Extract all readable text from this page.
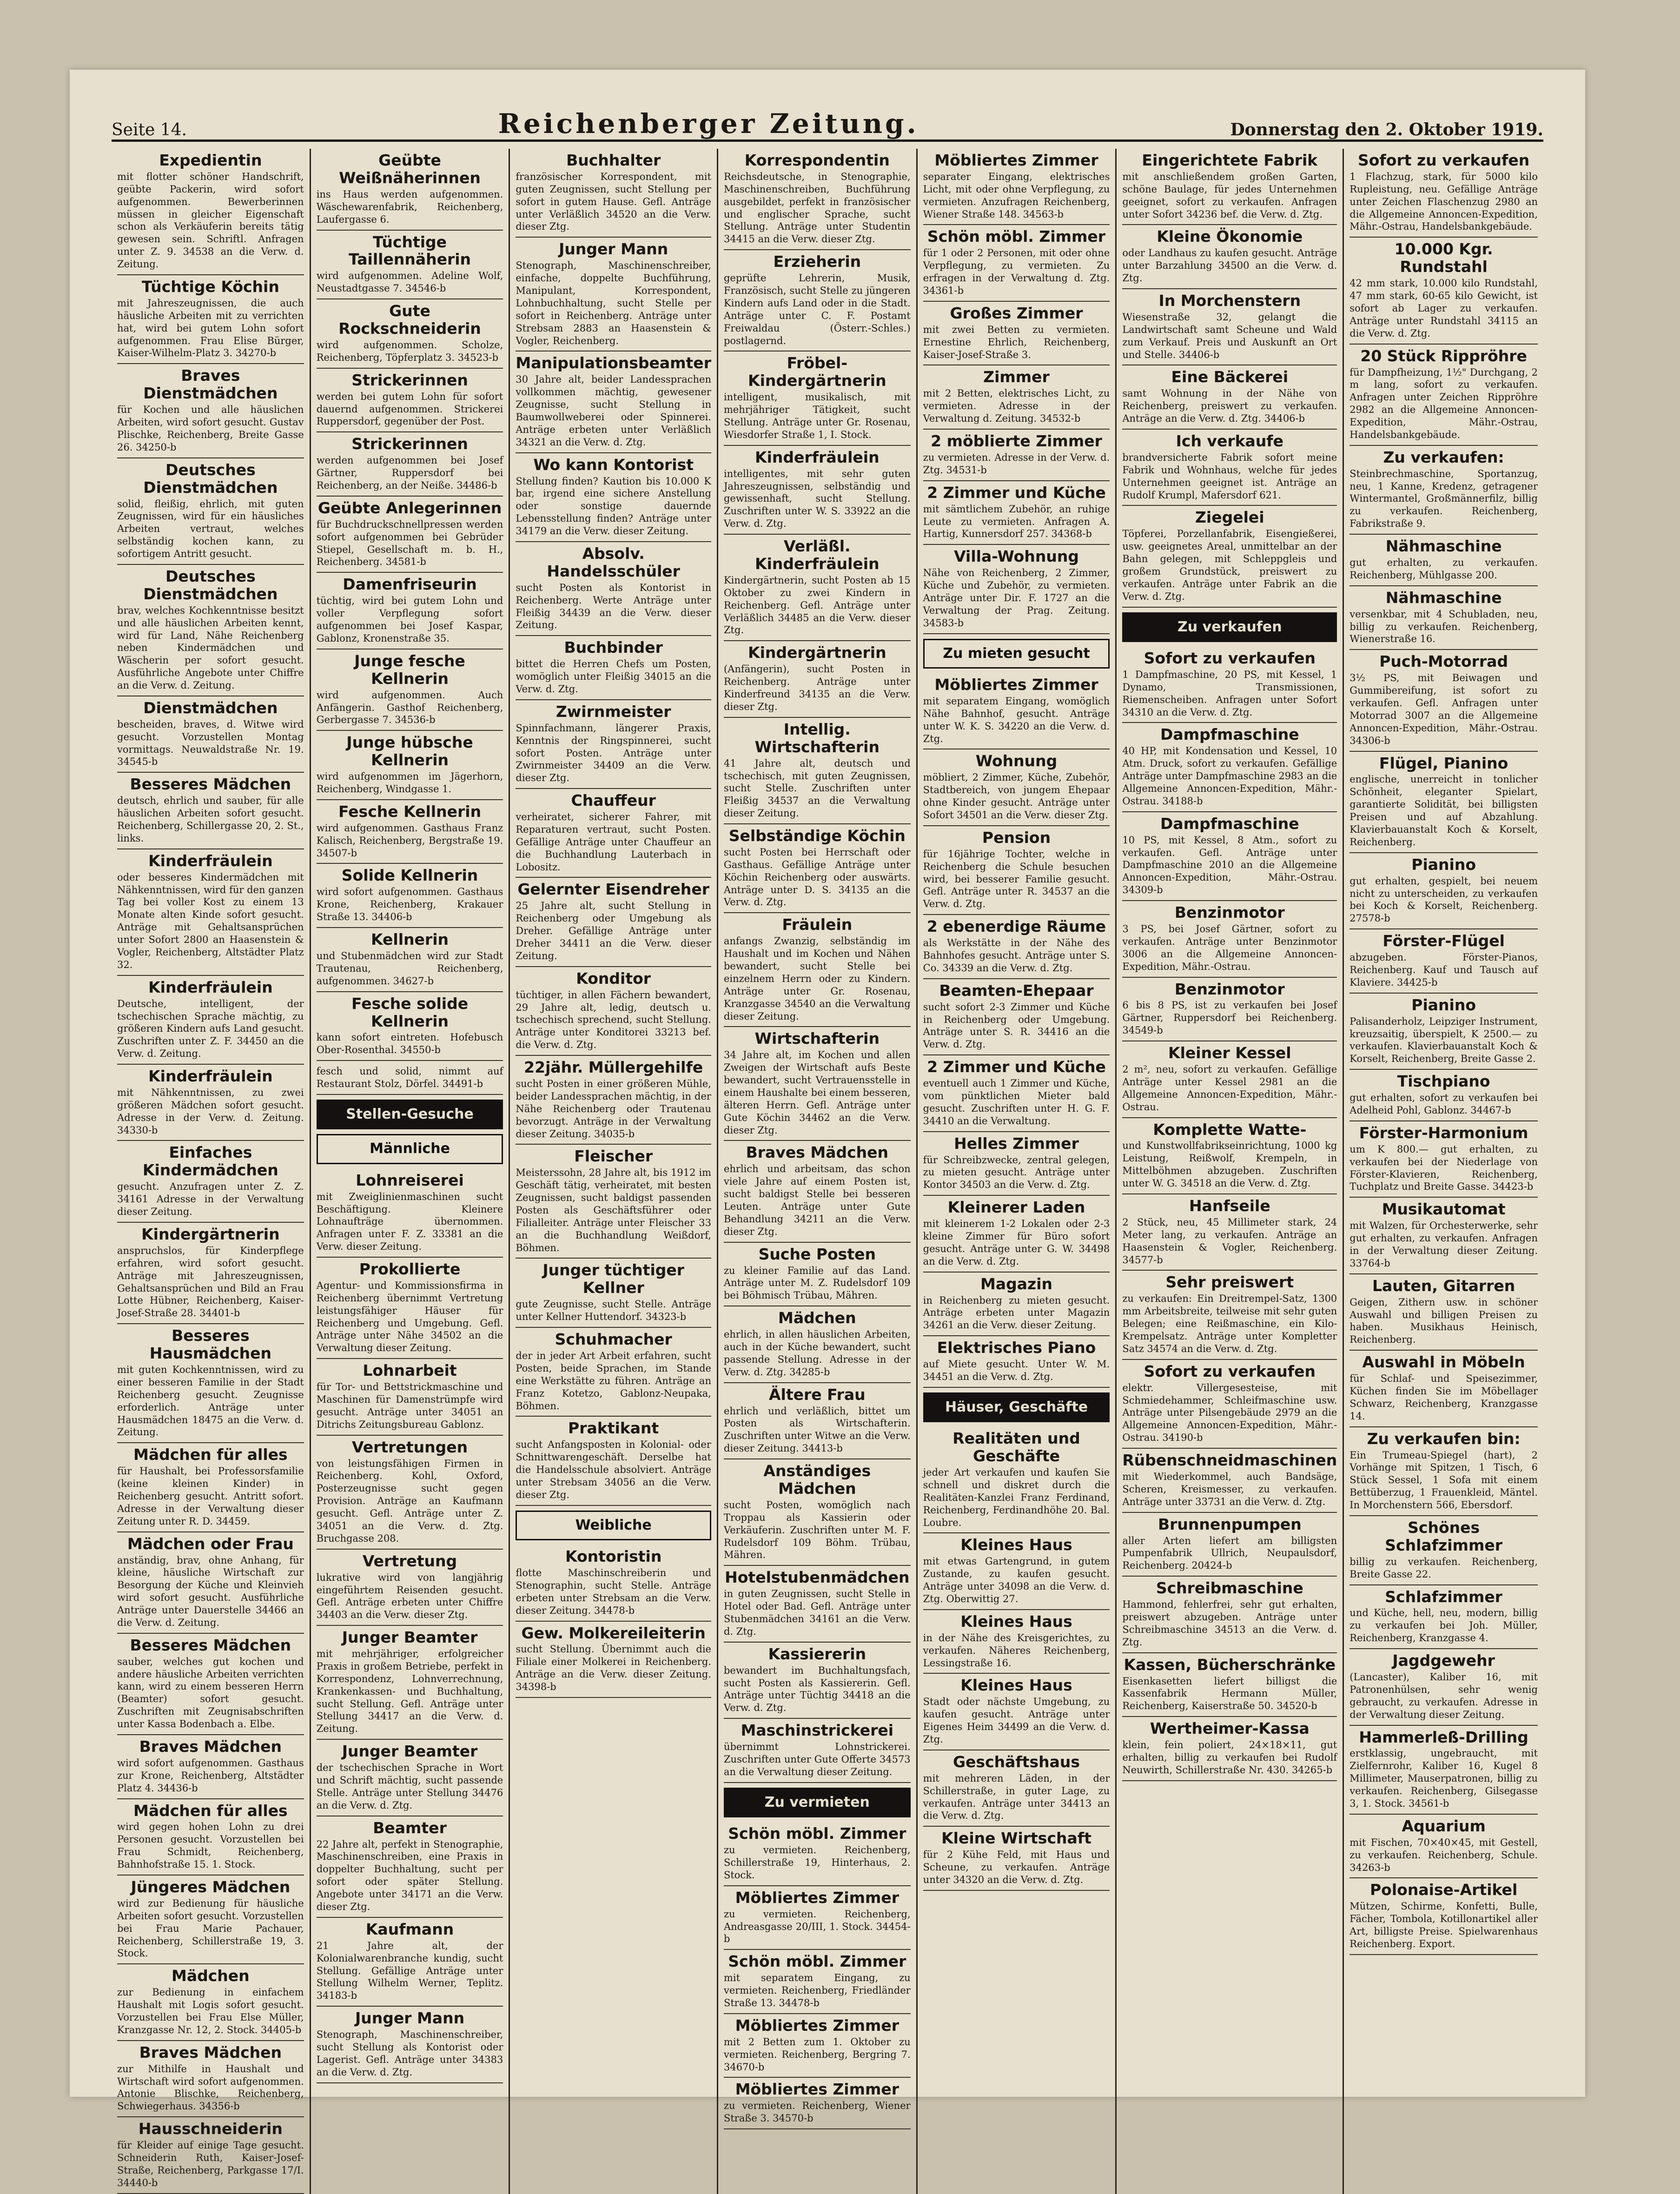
Seite 14.	Reichenberger Zeitung.	Donnerstag den 2. Oktober 1919.
Expedientin
mit flotter schöner Handschrift, geübte Packerin, wird sofort aufgenommen. Bewerberinnen müssen in gleicher Eigenschaft schon als Verkäuferin bereits tätig gewesen sein. Schriftl. Anfragen unter Z. 9. 34538 an die Verw. d. Zeitung.
Tüchtige Köchin
mit Jahreszeugnissen, die auch häusliche Arbeiten mit zu verrichten hat, wird bei gutem Lohn sofort aufgenommen. Frau Elise Bürger, Kaiser-Wilhelm-Platz 3. 34270-b
Braves Dienstmädchen
für Kochen und alle häuslichen Arbeiten, wird sofort gesucht. Gustav Plischke, Reichenberg, Breite Gasse 26. 34250-b
Deutsches Dienstmädchen
solid, fleißig, ehrlich, mit guten Zeugnissen, wird für ein häusliches Arbeiten vertraut, welches selbständig kochen kann, zu sofortigem Antritt gesucht.
Deutsches Dienstmädchen
brav, welches Kochkenntnisse besitzt und alle häuslichen Arbeiten kennt, wird für Land, Nähe Reichenberg neben Kindermädchen und Wäscherin per sofort gesucht. Ausführliche Angebote unter Chiffre an die Verw. d. Zeitung.
Dienstmädchen
bescheiden, braves, d. Witwe wird gesucht. Vorzustellen Montag vormittags. Neuwaldstraße Nr. 19. 34545-b
Besseres Mädchen
deutsch, ehrlich und sauber, für alle häuslichen Arbeiten sofort gesucht. Reichenberg, Schillergasse 20, 2. St., links.
Kinderfräulein
oder besseres Kindermädchen mit Nähkenntnissen, wird für den ganzen Tag bei voller Kost zu einem 13 Monate alten Kinde sofort gesucht. Anträge mit Gehaltsansprüchen unter Sofort 2800 an Haasenstein & Vogler, Reichenberg, Altstädter Platz 32.
Kinderfräulein
Deutsche, intelligent, der tschechischen Sprache mächtig, zu größeren Kindern aufs Land gesucht. Zuschriften unter Z. F. 34450 an die Verw. d. Zeitung.
Kinderfräulein
mit Nähkenntnissen, zu zwei größeren Mädchen sofort gesucht. Adresse in der Verw. d. Zeitung. 34330-b
Einfaches Kindermädchen
gesucht. Anzufragen unter Z. Z. 34161 Adresse in der Verwaltung dieser Zeitung.
Kindergärtnerin
anspruchslos, für Kinderpflege erfahren, wird sofort gesucht. Anträge mit Jahreszeugnissen, Gehaltsansprüchen und Bild an Frau Lotte Hübner, Reichenberg, Kaiser-Josef-Straße 28. 34401-b
Besseres Hausmädchen
mit guten Kochkenntnissen, wird zu einer besseren Familie in der Stadt Reichenberg gesucht. Zeugnisse erforderlich. Anträge unter Hausmädchen 18475 an die Verw. d. Zeitung.
Mädchen für alles
für Haushalt, bei Professorsfamilie (keine kleinen Kinder) in Reichenberg gesucht. Antritt sofort. Adresse in der Verwaltung dieser Zeitung unter R. D. 34459.
Mädchen oder Frau
anständig, brav, ohne Anhang, für kleine, häusliche Wirtschaft zur Besorgung der Küche und Kleinvieh wird sofort gesucht. Ausführliche Anträge unter Dauerstelle 34466 an die Verw. d. Zeitung.
Besseres Mädchen
sauber, welches gut kochen und andere häusliche Arbeiten verrichten kann, wird zu einem besseren Herrn (Beamter) sofort gesucht. Zuschriften mit Zeugnisabschriften unter Kassa Bodenbach a. Elbe.
Braves Mädchen
wird sofort aufgenommen. Gasthaus zur Krone, Reichenberg, Altstädter Platz 4. 34436-b
Mädchen für alles
wird gegen hohen Lohn zu drei Personen gesucht. Vorzustellen bei Frau Schmidt, Reichenberg, Bahnhofstraße 15. 1. Stock.
Jüngeres Mädchen
wird zur Bedienung für häusliche Arbeiten sofort gesucht. Vorzustellen bei Frau Marie Pachauer, Reichenberg, Schillerstraße 19, 3. Stock.
Mädchen
zur Bedienung in einfachem Haushalt mit Logis sofort gesucht. Vorzustellen bei Frau Else Müller, Kranzgasse Nr. 12, 2. Stock. 34405-b
Braves Mädchen
zur Mithilfe in Haushalt und Wirtschaft wird sofort aufgenommen. Antonie Blischke, Reichenberg, Schwiegerhaus. 34356-b
Hausschneiderin
für Kleider auf einige Tage gesucht. Schneiderin Ruth, Kaiser-Josef-Straße, Reichenberg, Parkgasse 17/I. 34440-b
Geübte Weißnäherinnen
ins Haus werden aufgenommen. Wäschewarenfabrik, Reichenberg, Laufergasse 6.
Tüchtige Taillennäherin
wird aufgenommen. Adeline Wolf, Neustadtgasse 7. 34546-b
Gute Rockschneiderin
wird aufgenommen. Scholze, Reichenberg, Töpferplatz 3. 34523-b
Strickerinnen
werden bei gutem Lohn für sofort dauernd aufgenommen. Strickerei Ruppersdorf, gegenüber der Post.
Strickerinnen
werden aufgenommen bei Josef Gärtner, Ruppersdorf bei Reichenberg, an der Neiße. 34486-b
Geübte Anlegerinnen
für Buchdruckschnellpressen werden sofort aufgenommen bei Gebrüder Stiepel, Gesellschaft m. b. H., Reichenberg. 34581-b
Damenfriseurin
tüchtig, wird bei gutem Lohn und voller Verpflegung sofort aufgenommen bei Josef Kaspar, Gablonz, Kronenstraße 35.
Junge fesche Kellnerin
wird aufgenommen. Auch Anfängerin. Gasthof Reichenberg, Gerbergasse 7. 34536-b
Junge hübsche Kellnerin
wird aufgenommen im Jägerhorn, Reichenberg, Windgasse 1.
Fesche Kellnerin
wird aufgenommen. Gasthaus Franz Kalisch, Reichenberg, Bergstraße 19. 34507-b
Solide Kellnerin
wird sofort aufgenommen. Gasthaus Krone, Reichenberg, Krakauer Straße 13. 34406-b
Kellnerin
und Stubenmädchen wird zur Stadt Trautenau, Reichenberg, aufgenommen. 34627-b
Fesche solide Kellnerin
kann sofort eintreten. Hofebusch Ober-Rosenthal. 34550-b
fesch und solid, nimmt auf Restaurant Stolz, Dörfel. 34491-b
Stellen-Gesuche
Männliche
Lohnreiserei
mit Zweiglinienmaschinen sucht Beschäftigung. Kleinere Lohnaufträge übernommen. Anfragen unter F. Z. 33381 an die Verw. dieser Zeitung.
Prokollierte
Agentur- und Kommissionsfirma in Reichenberg übernimmt Vertretung leistungsfähiger Häuser für Reichenberg und Umgebung. Gefl. Anträge unter Nähe 34502 an die Verwaltung dieser Zeitung.
Lohnarbeit
für Tor- und Bettstrickmaschine und Maschinen für Damenstrümpfe wird gesucht. Anträge unter 34051 an Ditrichs Zeitungsbureau Gablonz.
Vertretungen
von leistungsfähigen Firmen in Reichenberg. Kohl, Oxford, Posterzeugnisse sucht gegen Provision. Anträge an Kaufmann gesucht. Gefl. Anträge unter Z. 34051 an die Verw. d. Ztg. Bruchgasse 208.
Vertretung
lukrative wird von langjährig eingeführtem Reisenden gesucht. Gefl. Anträge erbeten unter Chiffre 34403 an die Verw. dieser Ztg.
Junger Beamter
mit mehrjähriger, erfolgreicher Praxis in großem Betriebe, perfekt in Korrespondenz, Lohnverrechnung, Krankenkassen- und Buchhaltung, sucht Stellung. Gefl. Anträge unter Stellung 34417 an die Verw. d. Zeitung.
Junger Beamter
der tschechischen Sprache in Wort und Schrift mächtig, sucht passende Stelle. Anträge unter Stellung 34476 an die Verw. d. Ztg.
Beamter
22 Jahre alt, perfekt in Stenographie, Maschinenschreiben, eine Praxis in doppelter Buchhaltung, sucht per sofort oder später Stellung. Angebote unter 34171 an die Verw. dieser Ztg.
Kaufmann
21 Jahre alt, der Kolonialwarenbranche kundig, sucht Stellung. Gefällige Anträge unter Stellung Wilhelm Werner, Teplitz. 34183-b
Junger Mann
Stenograph, Maschinenschreiber, sucht Stellung als Kontorist oder Lagerist. Gefl. Anträge unter 34383 an die Verw. d. Ztg.
Buchhalter
französischer Korrespondent, mit guten Zeugnissen, sucht Stellung per sofort in gutem Hause. Gefl. Anträge unter Verläßlich 34520 an die Verw. dieser Ztg.
Junger Mann
Stenograph, Maschinenschreiber, einfache, doppelte Buchführung, Manipulant, Korrespondent, Lohnbuchhaltung, sucht Stelle per sofort in Reichenberg. Anträge unter Strebsam 2883 an Haasenstein & Vogler, Reichenberg.
Manipulationsbeamter
30 Jahre alt, beider Landessprachen vollkommen mächtig, gewesener Zeugnisse, sucht Stellung in Baumwollweberei oder Spinnerei. Anträge erbeten unter Verläßlich 34321 an die Verw. d. Ztg.
Wo kann Kontorist
Stellung finden? Kaution bis 10.000 K bar, irgend eine sichere Anstellung oder sonstige dauernde Lebensstellung finden? Anträge unter 34179 an die Verw. dieser Zeitung.
Absolv. Handelsschüler
sucht Posten als Kontorist in Reichenberg. Werte Anträge unter Fleißig 34439 an die Verw. dieser Zeitung.
Buchbinder
bittet die Herren Chefs um Posten, womöglich unter Fleißig 34015 an die Verw. d. Ztg.
Zwirnmeister
Spinnfachmann, längerer Praxis, Kenntnis der Ringspinnerei, sucht sofort Posten. Anträge unter Zwirnmeister 34409 an die Verw. dieser Ztg.
Chauffeur
verheiratet, sicherer Fahrer, mit Reparaturen vertraut, sucht Posten. Gefällige Anträge unter Chauffeur an die Buchhandlung Lauterbach in Lobositz.
Gelernter Eisendreher
25 Jahre alt, sucht Stellung in Reichenberg oder Umgebung als Dreher. Gefällige Anträge unter Dreher 34411 an die Verw. dieser Zeitung.
Konditor
tüchtiger, in allen Fächern bewandert, 29 Jahre alt, ledig, deutsch u. tschechisch sprechend, sucht Stellung. Anträge unter Konditorei 33213 bef. die Verw. d. Ztg.
22jähr. Müllergehilfe
sucht Posten in einer größeren Mühle, beider Landessprachen mächtig, in der Nähe Reichenberg oder Trautenau bevorzugt. Anträge in der Verwaltung dieser Zeitung. 34035-b
Fleischer
Meisterssohn, 28 Jahre alt, bis 1912 im Geschäft tätig, verheiratet, mit besten Zeugnissen, sucht baldigst passenden Posten als Geschäftsführer oder Filialleiter. Anträge unter Fleischer 33 an die Buchhandlung Weißdorf, Böhmen.
Junger tüchtiger Kellner
gute Zeugnisse, sucht Stelle. Anträge unter Kellner Huttendorf. 34323-b
Schuhmacher
der in jeder Art Arbeit erfahren, sucht Posten, beide Sprachen, im Stande eine Werkstätte zu führen. Anträge an Franz Kotetzo, Gablonz-Neupaka, Böhmen.
Praktikant
sucht Anfangsposten in Kolonial- oder Schnittwarengeschäft. Derselbe hat die Handelsschule absolviert. Anträge unter Strebsam 34056 an die Verw. dieser Ztg.
Weibliche
Kontoristin
flotte Maschinschreiberin und Stenographin, sucht Stelle. Anträge erbeten unter Strebsam an die Verw. dieser Zeitung. 34478-b
Gew. Molkereileiterin
sucht Stellung. Übernimmt auch die Filiale einer Molkerei in Reichenberg. Anträge an die Verw. dieser Zeitung. 34398-b
Korrespondentin
Reichsdeutsche, in Stenographie, Maschinenschreiben, Buchführung ausgebildet, perfekt in französischer und englischer Sprache, sucht Stellung. Anträge unter Studentin 34415 an die Verw. dieser Ztg.
Erzieherin
geprüfte Lehrerin, Musik, Französisch, sucht Stelle zu jüngeren Kindern aufs Land oder in die Stadt. Anträge unter C. F. Postamt Freiwaldau (Österr.-Schles.) postlagernd.
Fröbel-Kindergärtnerin
intelligent, musikalisch, mit mehrjähriger Tätigkeit, sucht Stellung. Anträge unter Gr. Rosenau, Wiesdorfer Straße 1, I. Stock.
Kinderfräulein
intelligentes, mit sehr guten Jahreszeugnissen, selbständig und gewissenhaft, sucht Stellung. Zuschriften unter W. S. 33922 an die Verw. d. Ztg.
Verläßl. Kinderfräulein
Kindergärtnerin, sucht Posten ab 15 Oktober zu zwei Kindern in Reichenberg. Gefl. Anträge unter Verläßlich 34485 an die Verw. dieser Ztg.
Kindergärtnerin
(Anfängerin), sucht Posten in Reichenberg. Anträge unter Kinderfreund 34135 an die Verw. dieser Ztg.
Intellig. Wirtschafterin
41 Jahre alt, deutsch und tschechisch, mit guten Zeugnissen, sucht Stelle. Zuschriften unter Fleißig 34537 an die Verwaltung dieser Zeitung.
Selbständige Köchin
sucht Posten bei Herrschaft oder Gasthaus. Gefällige Anträge unter Köchin Reichenberg oder auswärts. Anträge unter D. S. 34135 an die Verw. d. Ztg.
Fräulein
anfangs Zwanzig, selbständig im Haushalt und im Kochen und Nähen bewandert, sucht Stelle bei einzelnem Herrn oder zu Kindern. Anträge unter Gr. Rosenau, Kranzgasse 34540 an die Verwaltung dieser Zeitung.
Wirtschafterin
34 Jahre alt, im Kochen und allen Zweigen der Wirtschaft aufs Beste bewandert, sucht Vertrauensstelle in einem Haushalte bei einem besseren, älteren Herrn. Gefl. Anträge unter Gute Köchin 34462 an die Verw. dieser Ztg.
Braves Mädchen
ehrlich und arbeitsam, das schon viele Jahre auf einem Posten ist, sucht baldigst Stelle bei besseren Leuten. Anträge unter Gute Behandlung 34211 an die Verw. dieser Ztg.
Suche Posten
zu kleiner Familie auf das Land. Anträge unter M. Z. Rudelsdorf 109 bei Böhmisch Trübau, Mähren.
Mädchen
ehrlich, in allen häuslichen Arbeiten, auch in der Küche bewandert, sucht passende Stellung. Adresse in der Verw. d. Ztg. 34285-b
Ältere Frau
ehrlich und verläßlich, bittet um Posten als Wirtschafterin. Zuschriften unter Witwe an die Verw. dieser Zeitung. 34413-b
Anständiges Mädchen
sucht Posten, womöglich nach Troppau als Kassierin oder Verkäuferin. Zuschriften unter M. F. Rudelsdorf 109 Böhm. Trübau, Mähren.
Hotelstubenmädchen
in guten Zeugnissen, sucht Stelle in Hotel oder Bad. Gefl. Anträge unter Stubenmädchen 34161 an die Verw. d. Ztg.
Kassiererin
bewandert im Buchhaltungsfach, sucht Posten als Kassiererin. Gefl. Anträge unter Tüchtig 34418 an die Verw. d. Ztg.
Maschinstrickerei
übernimmt Lohnstrickerei. Zuschriften unter Gute Offerte 34573 an die Verwaltung dieser Zeitung.
Zu vermieten
Schön möbl. Zimmer
zu vermieten. Reichenberg, Schillerstraße 19, Hinterhaus, 2. Stock.
Möbliertes Zimmer
zu vermieten. Reichenberg, Andreasgasse 20/III, 1. Stock. 34454-b
Schön möbl. Zimmer
mit separatem Eingang, zu vermieten. Reichenberg, Friedländer Straße 13. 34478-b
Möbliertes Zimmer
mit 2 Betten zum 1. Oktober zu vermieten. Reichenberg, Bergring 7. 34670-b
Möbliertes Zimmer
zu vermieten. Reichenberg, Wiener Straße 3. 34570-b
Möbliertes Zimmer
separater Eingang, elektrisches Licht, mit oder ohne Verpflegung, zu vermieten. Anzufragen Reichenberg, Wiener Straße 148. 34563-b
Schön möbl. Zimmer
für 1 oder 2 Personen, mit oder ohne Verpflegung, zu vermieten. Zu erfragen in der Verwaltung d. Ztg. 34361-b
Großes Zimmer
mit zwei Betten zu vermieten. Ernestine Ehrlich, Reichenberg, Kaiser-Josef-Straße 3.
Zimmer
mit 2 Betten, elektrisches Licht, zu vermieten. Adresse in der Verwaltung d. Zeitung. 34532-b
2 möblierte Zimmer
zu vermieten. Adresse in der Verw. d. Ztg. 34531-b
2 Zimmer und Küche
mit sämtlichem Zubehör, an ruhige Leute zu vermieten. Anfragen A. Hartig, Kunnersdorf 257. 34368-b
Villa-Wohnung
Nähe von Reichenberg, 2 Zimmer, Küche und Zubehör, zu vermieten. Anträge unter Dir. F. 1727 an die Verwaltung der Prag. Zeitung. 34583-b
Zu mieten gesucht
Möbliertes Zimmer
mit separatem Eingang, womöglich Nähe Bahnhof, gesucht. Anträge unter W. K. S. 34220 an die Verw. d. Ztg.
Wohnung
möbliert, 2 Zimmer, Küche, Zubehör, Stadtbereich, von jungem Ehepaar ohne Kinder gesucht. Anträge unter Sofort 34501 an die Verw. dieser Ztg.
Pension
für 16jährige Tochter, welche in Reichenberg die Schule besuchen wird, bei besserer Familie gesucht. Gefl. Anträge unter R. 34537 an die Verw. d. Ztg.
2 ebenerdige Räume
als Werkstätte in der Nähe des Bahnhofes gesucht. Anträge unter S. Co. 34339 an die Verw. d. Ztg.
Beamten-Ehepaar
sucht sofort 2-3 Zimmer und Küche in Reichenberg oder Umgebung. Anträge unter S. R. 34416 an die Verw. d. Ztg.
2 Zimmer und Küche
eventuell auch 1 Zimmer und Küche, vom pünktlichen Mieter bald gesucht. Zuschriften unter H. G. F. 34410 an die Verwaltung.
Helles Zimmer
für Schreibzwecke, zentral gelegen, zu mieten gesucht. Anträge unter Kontor 34503 an die Verw. d. Ztg.
Kleinerer Laden
mit kleinerem 1-2 Lokalen oder 2-3 kleine Zimmer für Büro sofort gesucht. Anträge unter G. W. 34498 an die Verw. d. Ztg.
Magazin
in Reichenberg zu mieten gesucht. Anträge erbeten unter Magazin 34261 an die Verw. dieser Zeitung.
Elektrisches Piano
auf Miete gesucht. Unter W. M. 34451 an die Verw. d. Ztg.
Häuser, Geschäfte
Realitäten und Geschäfte
jeder Art verkaufen und kaufen Sie schnell und diskret durch die Realitäten-Kanzlei Franz Ferdinand, Reichenberg, Ferdinandhöhe 20. Bal. Loubre.
Kleines Haus
mit etwas Gartengrund, in gutem Zustande, zu kaufen gesucht. Anträge unter 34098 an die Verw. d. Ztg. Oberwittig 27.
Kleines Haus
in der Nähe des Kreisgerichtes, zu verkaufen. Näheres Reichenberg, Lessingstraße 16.
Kleines Haus
Stadt oder nächste Umgebung, zu kaufen gesucht. Anträge unter Eigenes Heim 34499 an die Verw. d. Ztg.
Geschäftshaus
mit mehreren Läden, in der Schillerstraße, in guter Lage, zu verkaufen. Anträge unter 34413 an die Verw. d. Ztg.
Kleine Wirtschaft
für 2 Kühe Feld, mit Haus und Scheune, zu verkaufen. Anträge unter 34320 an die Verw. d. Ztg.
Eingerichtete Fabrik
mit anschließendem großen Garten, schöne Baulage, für jedes Unternehmen geeignet, sofort zu verkaufen. Anfragen unter Sofort 34236 bef. die Verw. d. Ztg.
Kleine Ökonomie
oder Landhaus zu kaufen gesucht. Anträge unter Barzahlung 34500 an die Verw. d. Ztg.
In Morchenstern
Wiesenstraße 32, gelangt die Landwirtschaft samt Scheune und Wald zum Verkauf. Preis und Auskunft an Ort und Stelle. 34406-b
Eine Bäckerei
samt Wohnung in der Nähe von Reichenberg, preiswert zu verkaufen. Anträge an die Verw. d. Ztg. 34406-b
Ich verkaufe
brandversicherte Fabrik sofort meine Fabrik und Wohnhaus, welche für jedes Unternehmen geeignet ist. Anträge an Rudolf Krumpl, Mafersdorf 621.
Ziegelei
Töpferei, Porzellanfabrik, Eisengießerei, usw. geeignetes Areal, unmittelbar an der Bahn gelegen, mit Schleppgleis und großem Grundstück, preiswert zu verkaufen. Anträge unter Fabrik an die Verw. d. Ztg.
Zu verkaufen
Sofort zu verkaufen
1 Dampfmaschine, 20 PS, mit Kessel, 1 Dynamo, Transmissionen, Riemenscheiben. Anfragen unter Sofort 34310 an die Verw. d. Ztg.
Dampfmaschine
40 HP, mit Kondensation und Kessel, 10 Atm. Druck, sofort zu verkaufen. Gefällige Anträge unter Dampfmaschine 2983 an die Allgemeine Annoncen-Expedition, Mähr.-Ostrau. 34188-b
Dampfmaschine
10 PS, mit Kessel, 8 Atm., sofort zu verkaufen. Gefl. Anträge unter Dampfmaschine 2010 an die Allgemeine Annoncen-Expedition, Mähr.-Ostrau. 34309-b
Benzinmotor
3 PS, bei Josef Gärtner, sofort zu verkaufen. Anträge unter Benzinmotor 3006 an die Allgemeine Annoncen-Expedition, Mähr.-Ostrau.
Benzinmotor
6 bis 8 PS, ist zu verkaufen bei Josef Gärtner, Ruppersdorf bei Reichenberg. 34549-b
Kleiner Kessel
2 m², neu, sofort zu verkaufen. Gefällige Anträge unter Kessel 2981 an die Allgemeine Annoncen-Expedition, Mähr.-Ostrau.
Komplette Watte-
und Kunstwollfabrikseinrichtung, 1000 kg Leistung, Reißwolf, Krempeln, in Mittelböhmen abzugeben. Zuschriften unter W. G. 34518 an die Verw. d. Ztg.
Hanfseile
2 Stück, neu, 45 Millimeter stark, 24 Meter lang, zu verkaufen. Anträge an Haasenstein & Vogler, Reichenberg. 34577-b
Sehr preiswert
zu verkaufen: Ein Dreitrempel-Satz, 1300 mm Arbeitsbreite, teilweise mit sehr guten Belegen; eine Reißmaschine, ein Kilo-Krempelsatz. Anträge unter Kompletter Satz 34574 an die Verw. d. Ztg.
Sofort zu verkaufen
elektr. Villergesesteise, mit Schmiedehammer, Schleifmaschine usw. Anträge unter Pilsengebäude 2979 an die Allgemeine Annoncen-Expedition, Mähr.-Ostrau. 34190-b
Rübenschneidmaschinen
mit Wiederkommel, auch Bandsäge, Scheren, Kreismesser, zu verkaufen. Anträge unter 33731 an die Verw. d. Ztg.
Brunnenpumpen
aller Arten liefert am billigsten Pumpenfabrik Ullrich, Neupaulsdorf, Reichenberg. 20424-b
Schreibmaschine
Hammond, fehlerfrei, sehr gut erhalten, preiswert abzugeben. Anträge unter Schreibmaschine 34513 an die Verw. d. Ztg.
Kassen, Bücherschränke
Eisenkasetten liefert billigst die Kassenfabrik Hermann Müller, Reichenberg, Kaiserstraße 50. 34520-b
Wertheimer-Kassa
klein, fein poliert, 24×18×11, gut erhalten, billig zu verkaufen bei Rudolf Neuwirth, Schillerstraße Nr. 430. 34265-b
Sofort zu verkaufen
1 Flachzug, stark, für 5000 kilo Rupleistung, neu. Gefällige Anträge unter Zeichen Flaschenzug 2980 an die Allgemeine Annoncen-Expedition, Mähr.-Ostrau, Handelsbankgebäude.
10.000 Kgr. Rundstahl
42 mm stark, 10.000 kilo Rundstahl, 47 mm stark, 60-65 kilo Gewicht, ist sofort ab Lager zu verkaufen. Anträge unter Rundstahl 34115 an die Verw. d. Ztg.
20 Stück Rippröhre
für Dampfheizung, 1½" Durchgang, 2 m lang, sofort zu verkaufen. Anfragen unter Zeichen Rippröhre 2982 an die Allgemeine Annoncen-Expedition, Mähr.-Ostrau, Handelsbankgebäude.
Zu verkaufen:
Steinbrechmaschine, Sportanzug, neu, 1 Kanne, Kredenz, getragener Wintermantel, Großmännerfilz, billig zu verkaufen. Reichenberg, Fabrikstraße 9.
Nähmaschine
gut erhalten, zu verkaufen. Reichenberg, Mühlgasse 200.
Nähmaschine
versenkbar, mit 4 Schubladen, neu, billig zu verkaufen. Reichenberg, Wienerstraße 16.
Puch-Motorrad
3½ PS, mit Beiwagen und Gummibereifung, ist sofort zu verkaufen. Gefl. Anfragen unter Motorrad 3007 an die Allgemeine Annoncen-Expedition, Mähr.-Ostrau. 34306-b
Flügel, Pianino
englische, unerreicht in tonlicher Schönheit, eleganter Spielart, garantierte Solidität, bei billigsten Preisen und auf Abzahlung. Klavierbauanstalt Koch & Korselt, Reichenberg.
Pianino
gut erhalten, gespielt, bei neuem nicht zu unterscheiden, zu verkaufen bei Koch & Korselt, Reichenberg. 27578-b
Förster-Flügel
abzugeben. Förster-Pianos, Reichenberg. Kauf und Tausch auf Klaviere. 34425-b
Pianino
Palisanderholz, Leipziger Instrument, kreuzsaitig, überspielt, K 2500.— zu verkaufen. Klavierbauanstalt Koch & Korselt, Reichenberg, Breite Gasse 2.
Tischpiano
gut erhalten, sofort zu verkaufen bei Adelheid Pohl, Gablonz. 34467-b
Förster-Harmonium
um K 800.— gut erhalten, zu verkaufen bei der Niederlage von Förster-Klavieren, Reichenberg, Tuchplatz und Breite Gasse. 34423-b
Musikautomat
mit Walzen, für Orchesterwerke, sehr gut erhalten, zu verkaufen. Anfragen in der Verwaltung dieser Zeitung. 33764-b
Lauten, Gitarren
Geigen, Zithern usw. in schöner Auswahl und billigen Preisen zu haben. Musikhaus Heinisch, Reichenberg.
Auswahl in Möbeln
für Schlaf- und Speisezimmer, Küchen finden Sie im Möbellager Schwarz, Reichenberg, Kranzgasse 14.
Zu verkaufen bin:
Ein Trumeau-Spiegel (hart), 2 Vorhänge mit Spitzen, 1 Tisch, 6 Stück Sessel, 1 Sofa mit einem Bettüberzug, 1 Frauenkleid, Mäntel. In Morchenstern 566, Ebersdorf.
Schönes Schlafzimmer
billig zu verkaufen. Reichenberg, Breite Gasse 22.
Schlafzimmer
und Küche, hell, neu, modern, billig zu verkaufen bei Joh. Müller, Reichenberg, Kranzgasse 4.
Jagdgewehr
(Lancaster), Kaliber 16, mit Patronenhülsen, sehr wenig gebraucht, zu verkaufen. Adresse in der Verwaltung dieser Zeitung.
Hammerleß-Drilling
erstklassig, ungebraucht, mit Zielfernrohr, Kaliber 16, Kugel 8 Millimeter, Mauserpatronen, billig zu verkaufen. Reichenberg, Gilsegasse 3, 1. Stock. 34561-b
Aquarium
mit Fischen, 70×40×45, mit Gestell, zu verkaufen. Reichenberg, Schule. 34263-b
Polonaise-Artikel
Mützen, Schirme, Konfetti, Bulle, Fächer, Tombola, Kotillonartikel aller Art, billigste Preise. Spielwarenhaus Reichenberg. Export.
